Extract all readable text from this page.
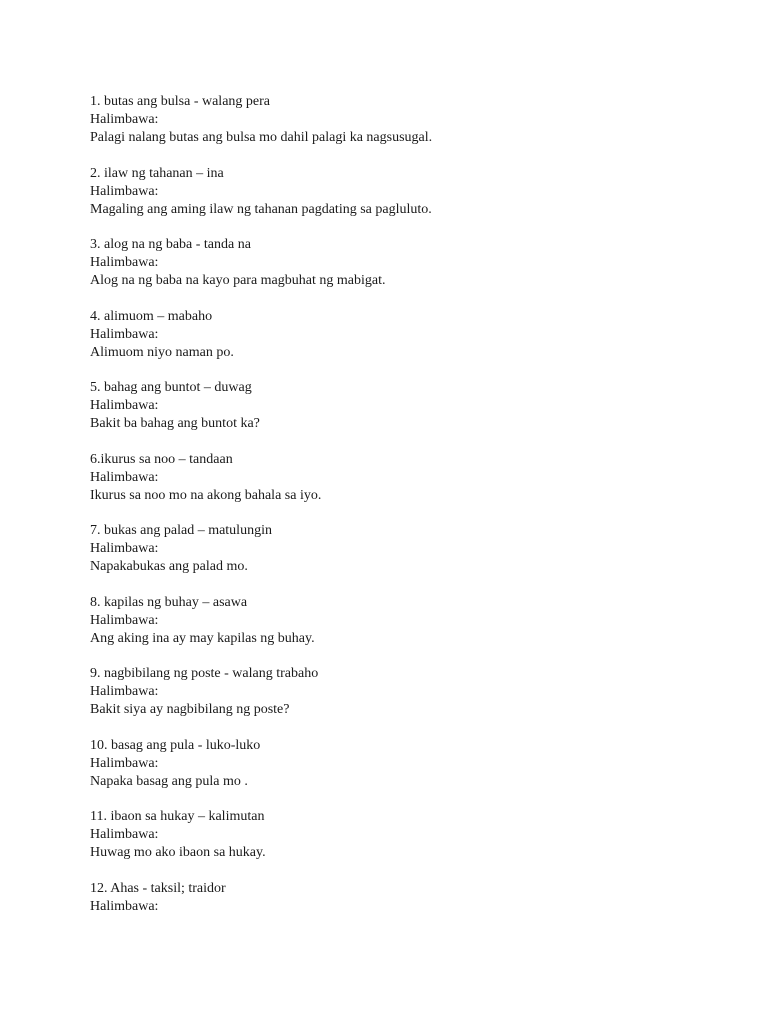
1. butas ang bulsa - walang pera
Halimbawa:
Palagi nalang butas ang bulsa mo dahil palagi ka nagsusugal.
2. ilaw ng tahanan – ina
Halimbawa:
Magaling ang aming ilaw ng tahanan pagdating sa pagluluto.
3. alog na ng baba - tanda na
Halimbawa:
Alog na ng baba na kayo para magbuhat ng mabigat.
4. alimuom – mabaho
Halimbawa:
Alimuom niyo naman po.
5. bahag ang buntot – duwag
Halimbawa:
Bakit ba bahag ang buntot ka?
6.ikurus sa noo – tandaan
Halimbawa:
Ikurus sa noo mo na akong bahala sa iyo.
7. bukas ang palad – matulungin
Halimbawa:
Napakabukas ang palad mo.
8. kapilas ng buhay – asawa
Halimbawa:
Ang aking ina ay may kapilas ng buhay.
9. nagbibilang ng poste - walang trabaho
Halimbawa:
Bakit siya ay nagbibilang ng poste?
10. basag ang pula - luko-luko
Halimbawa:
Napaka basag ang pula mo .
11. ibaon sa hukay – kalimutan
Halimbawa:
Huwag mo ako ibaon sa hukay.
12. Ahas - taksil; traidor
Halimbawa:
